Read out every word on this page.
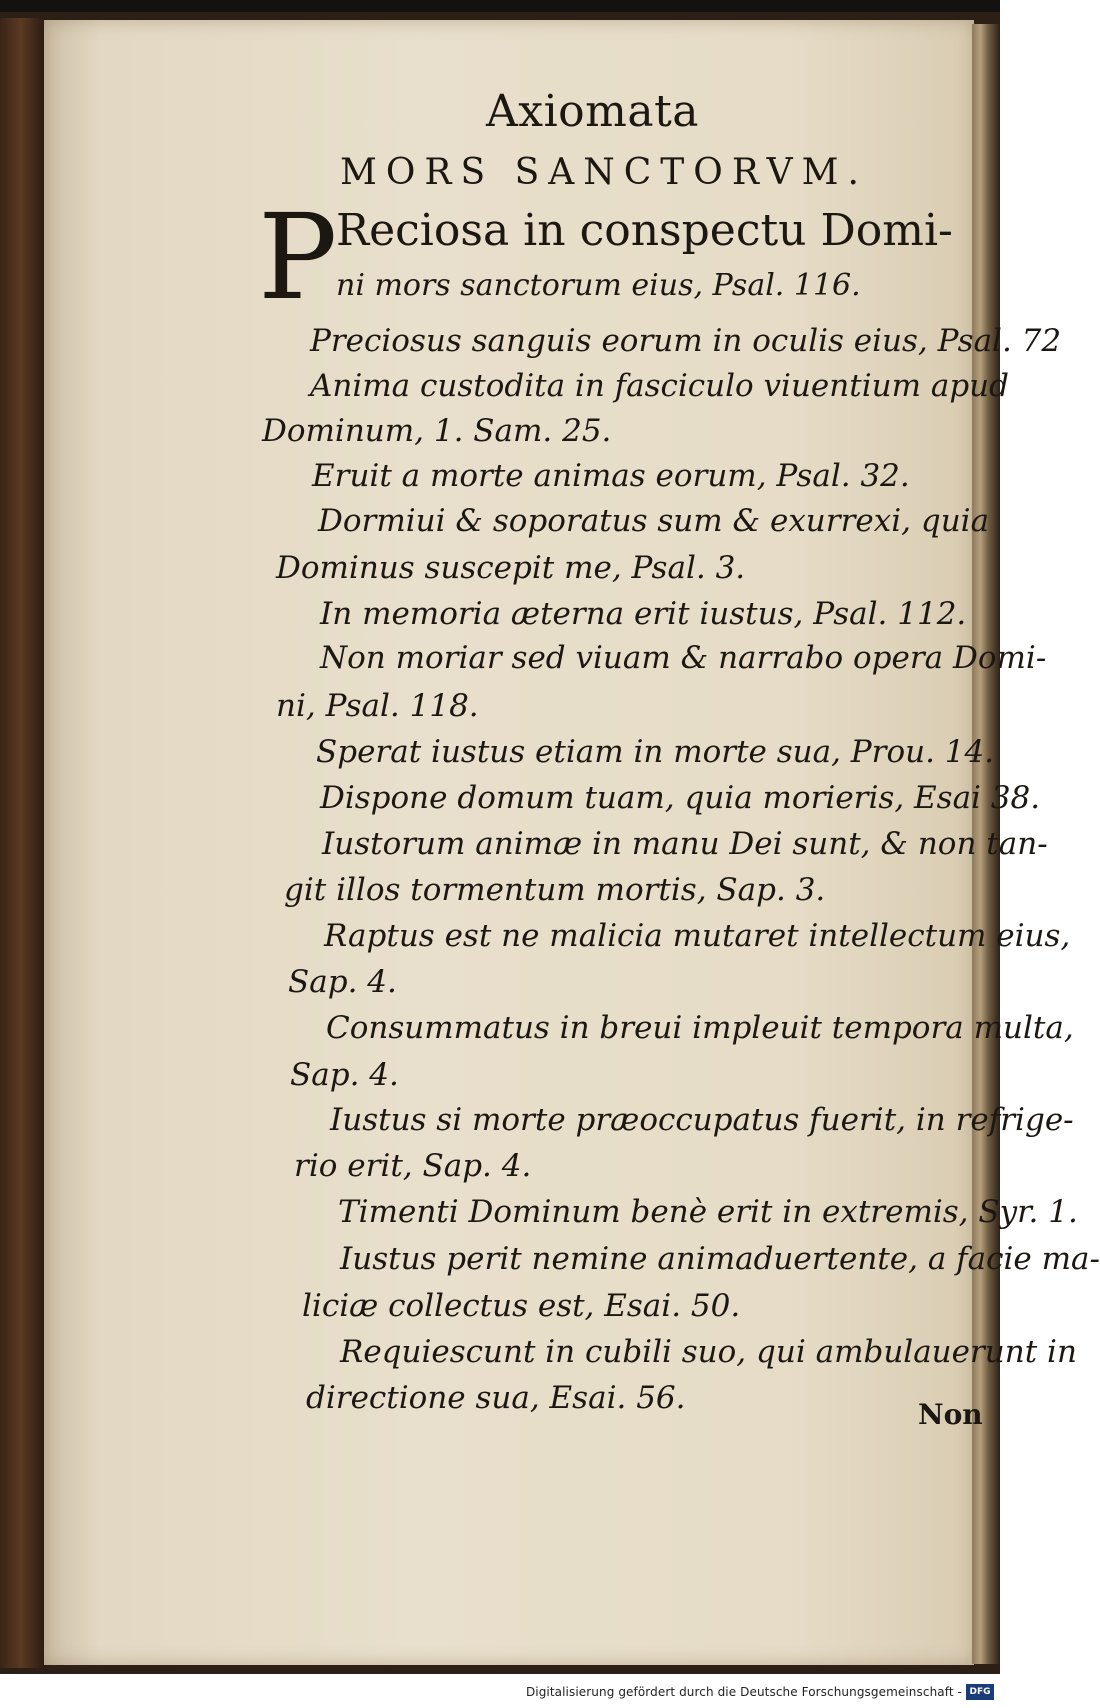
Axiomata
MORS SANCTORVM.
P
Reciosa in conspectu Domi-
ni mors sanctorum eius, Psal. 116.
Preciosus sanguis eorum in oculis eius, Psal. 72
Anima custodita in fasciculo viuentium apud
Dominum, 1. Sam. 25.
Eruit a morte animas eorum, Psal. 32.
Dormiui & soporatus sum & exurrexi, quia
Dominus suscepit me, Psal. 3.
In memoria æterna erit iustus, Psal. 112.
Non moriar sed viuam & narrabo opera Domi-
ni, Psal. 118.
Sperat iustus etiam in morte sua, Prou. 14.
Dispone domum tuam, quia morieris, Esai 38.
Iustorum animæ in manu Dei sunt, & non tan-
git illos tormentum mortis, Sap. 3.
Raptus est ne malicia mutaret intellectum eius,
Sap. 4.
Consummatus in breui impleuit tempora multa,
Sap. 4.
Iustus si morte præoccupatus fuerit, in refrige-
rio erit, Sap. 4.
Timenti Dominum benè erit in extremis, Syr. 1.
Iustus perit nemine animaduertente, a facie ma-
liciæ collectus est, Esai. 50.
Requiescunt in cubili suo, qui ambulauerunt in
directione sua, Esai. 56.	Non
Digitalisierung gefördert durch die Deutsche Forschungsgemeinschaft - DFG
